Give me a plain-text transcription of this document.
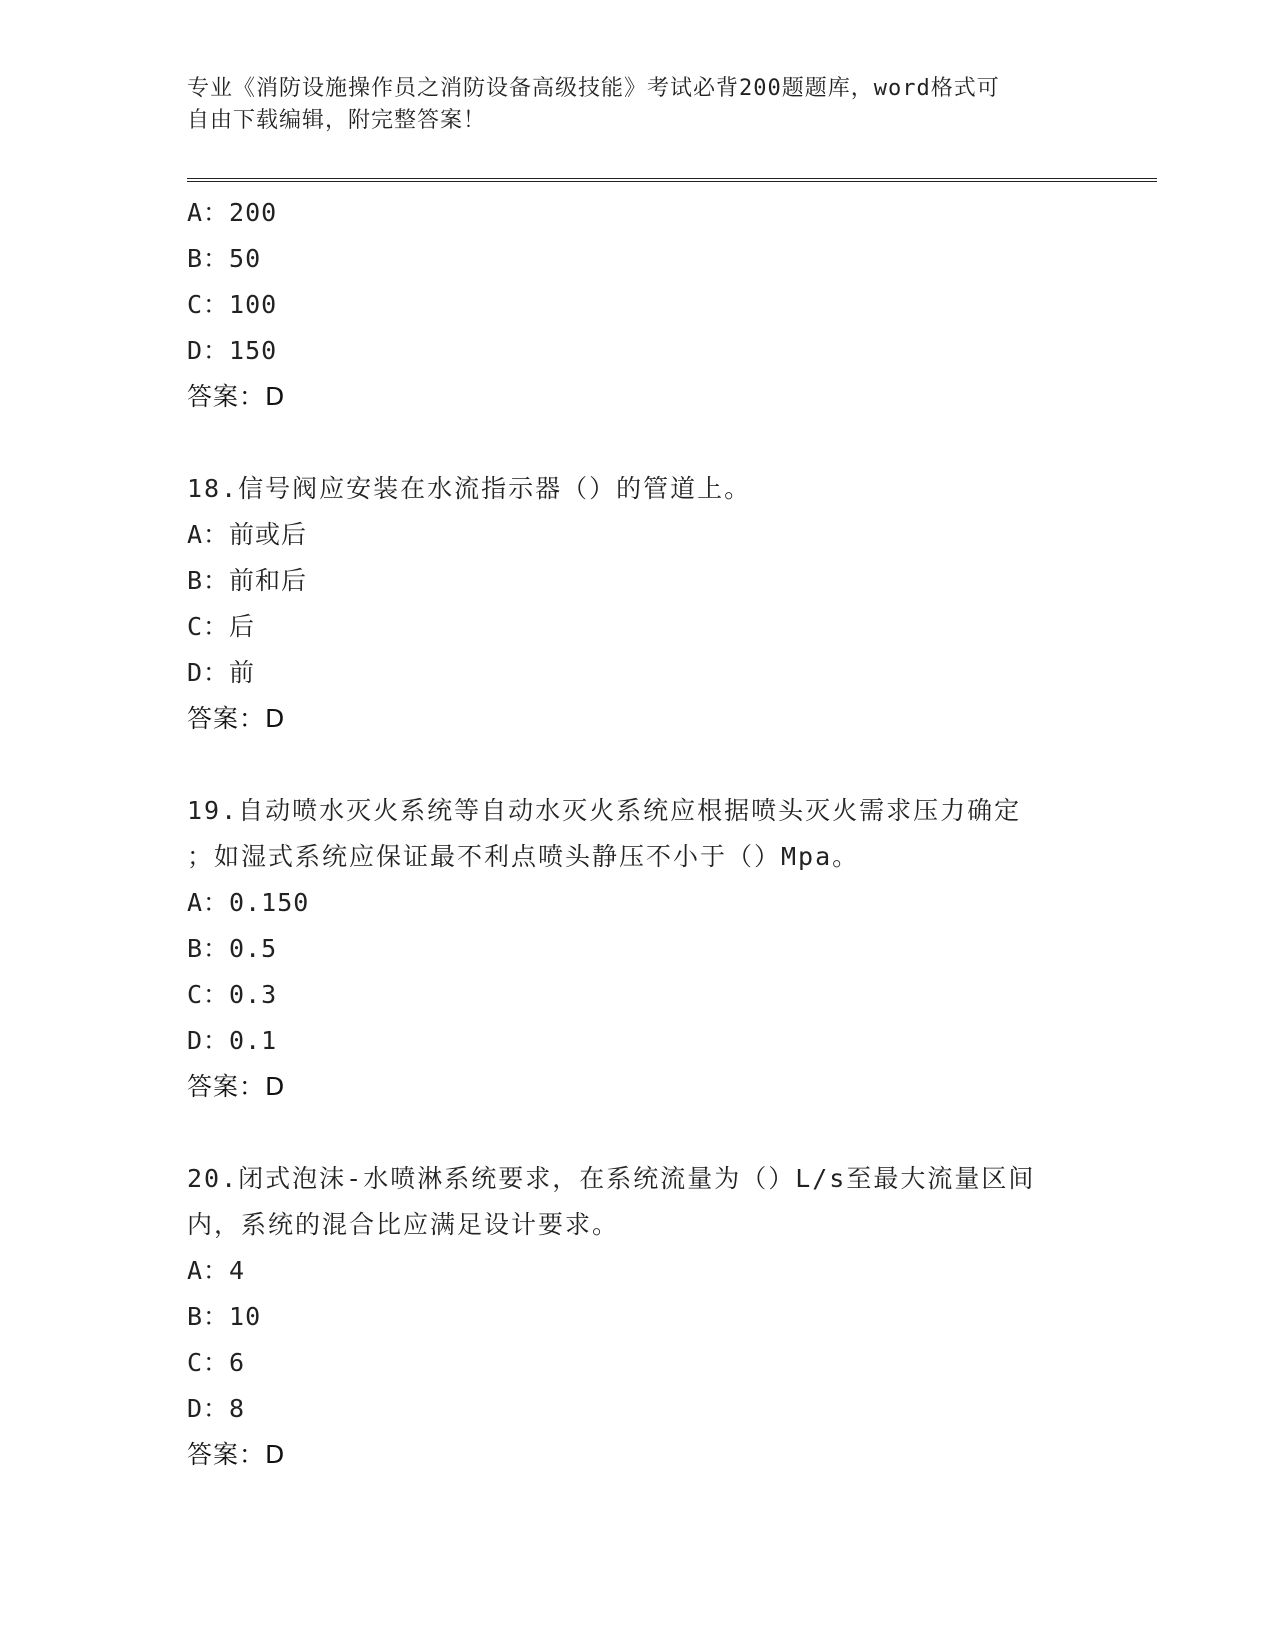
专业《消防设施操作员之消防设备高级技能》考试必背200题题库，word格式可
自由下载编辑，附完整答案！
A：200
B：50
C：100
D：150
答案：D
18.信号阀应安装在水流指示器（）的管道上。
A：前或后
B：前和后
C：后
D：前
答案：D
19.自动喷水灭火系统等自动水灭火系统应根据喷头灭火需求压力确定
；如湿式系统应保证最不利点喷头静压不小于（）Mpa。
A：0.150
B：0.5
C：0.3
D：0.1
答案：D
20.闭式泡沫-水喷淋系统要求，在系统流量为（）L/s至最大流量区间
内，系统的混合比应满足设计要求。
A：4
B：10
C：6
D：8
答案：D
